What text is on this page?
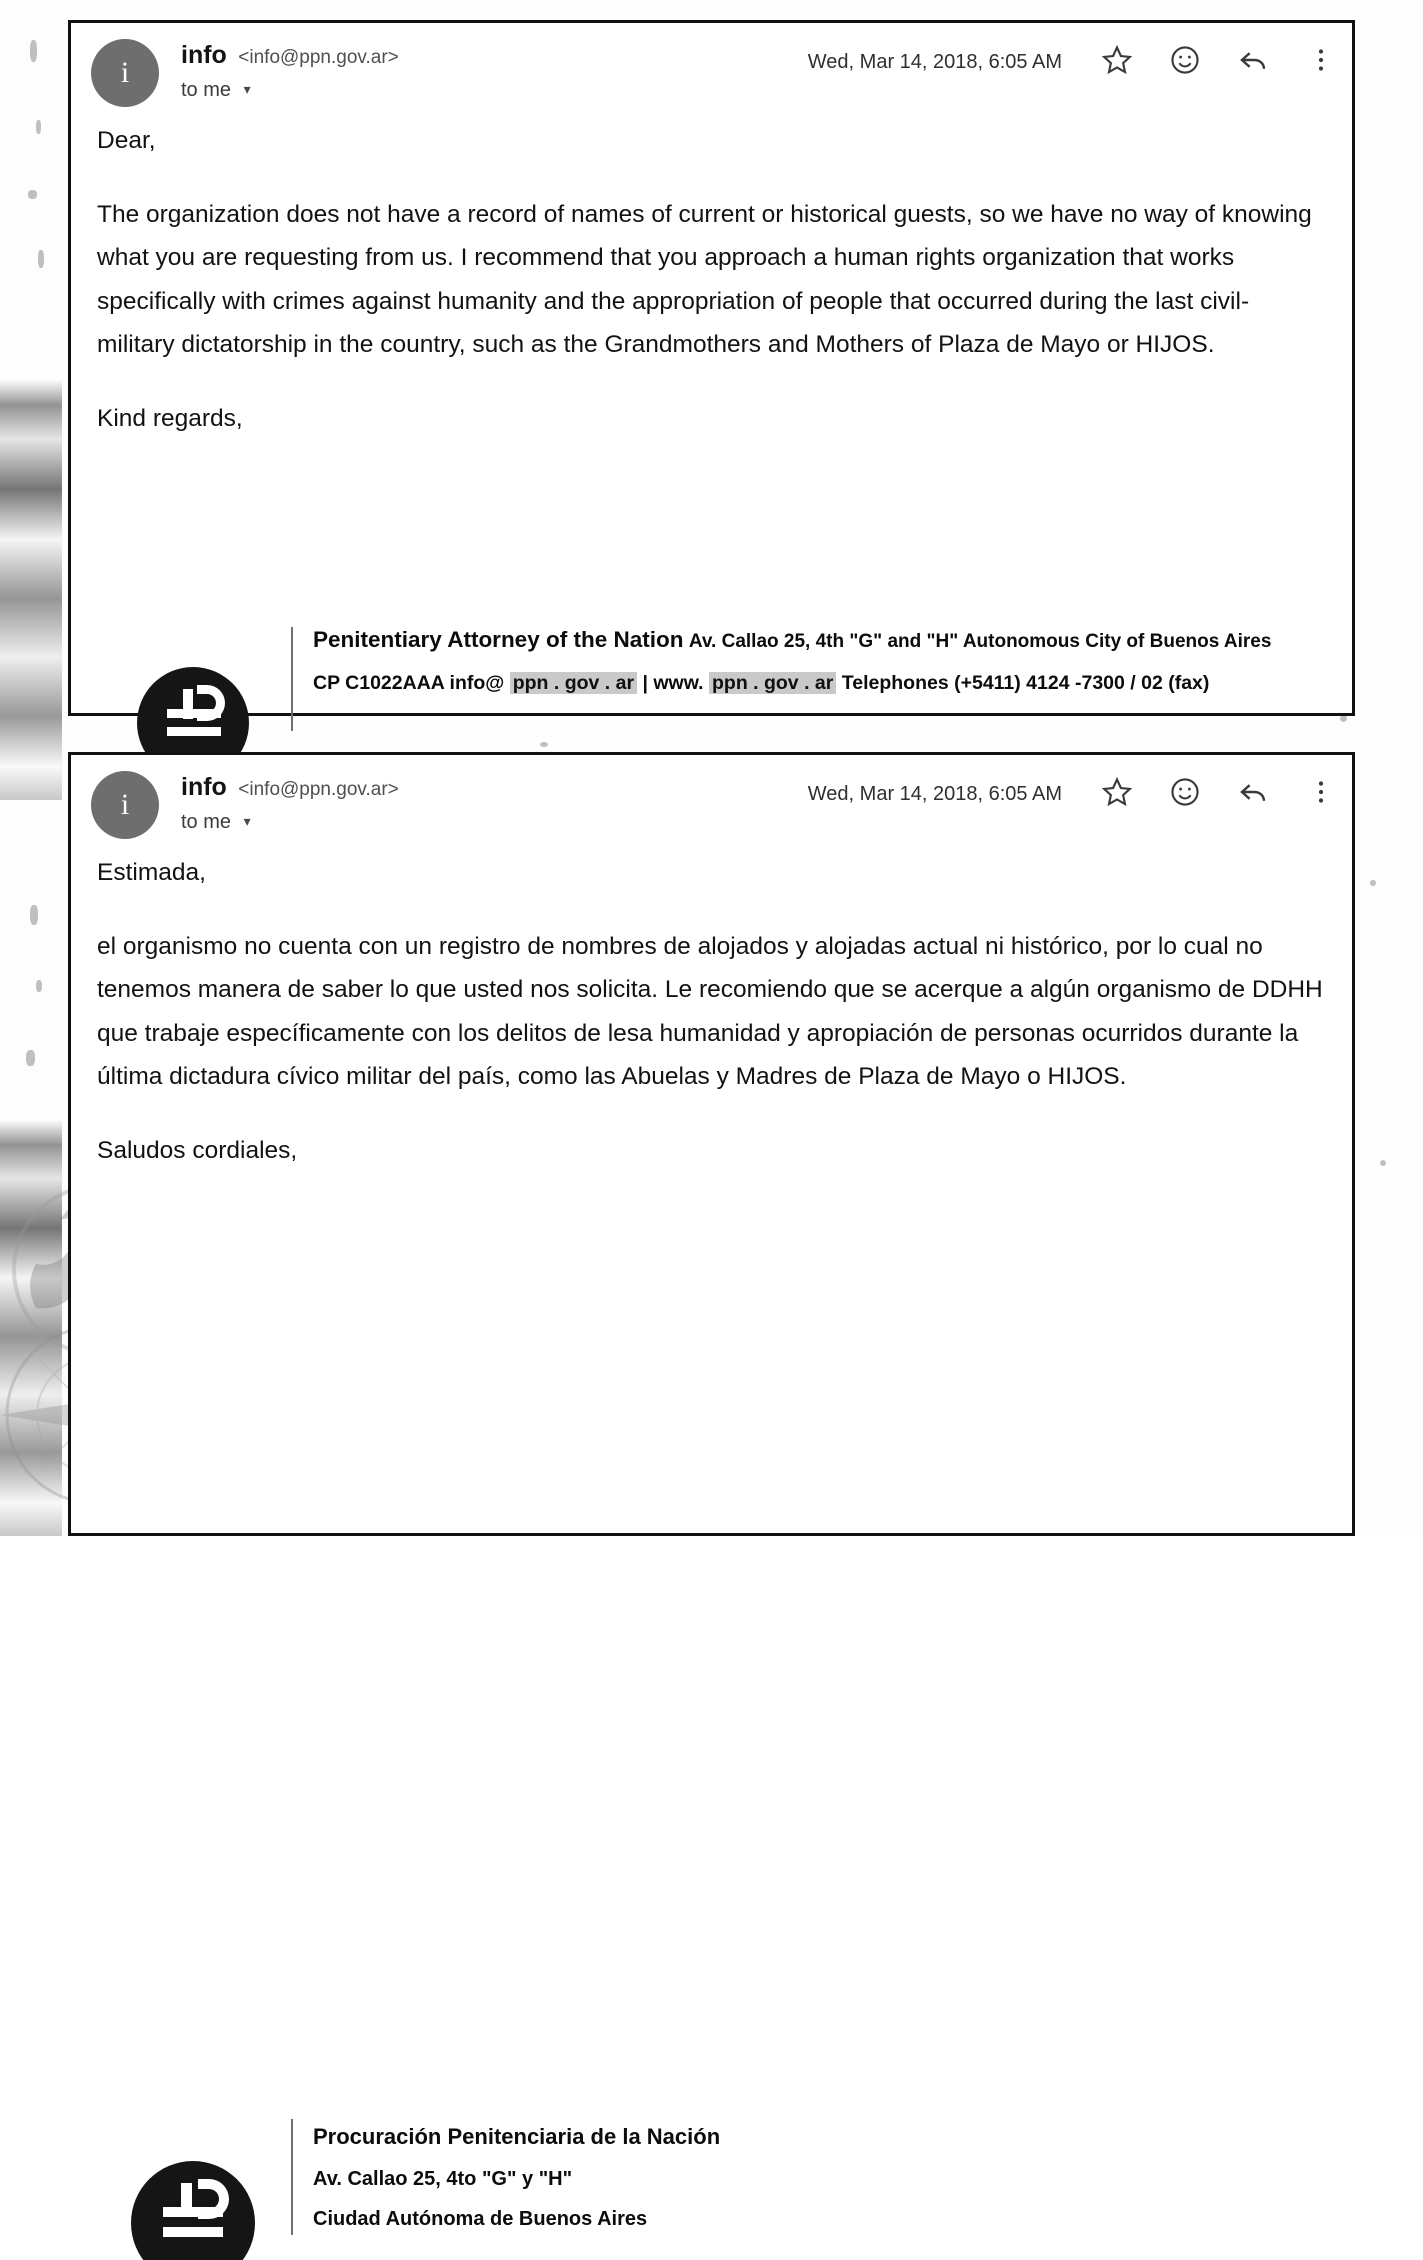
i
info <info@ppn.gov.ar>
to me ▾
Wed, Mar 14, 2018, 6:05 AM

Dear,

The organization does not have a record of names of current or historical guests, so we have no way of knowing what you are requesting from us. I recommend that you approach a human rights organization that works specifically with crimes against humanity and the appropriation of people that occurred during the last civil-military dictatorship in the country, such as the Grandmothers and Mothers of Plaza de Mayo or HIJOS.

Kind regards,

Penitentiary Attorney of the Nation Av. Callao 25, 4th "G" and "H" Autonomous City of Buenos Aires
CP C1022AAA info@ ppn . gov . ar | www. ppn . gov . ar Telephones (+5411) 4124 -7300 / 02 (fax)
i
info <info@ppn.gov.ar>
to me ▾
Wed, Mar 14, 2018, 6:05 AM

Estimada,

el organismo no cuenta con un registro de nombres de alojados y alojadas actual ni histórico, por lo cual no tenemos manera de saber lo que usted nos solicita. Le recomiendo que se acerque a algún organismo de DDHH que trabaje específicamente con los delitos de lesa humanidad y apropiación de personas ocurridos durante la última dictadura cívico militar del país, como las Abuelas y Madres de Plaza de Mayo o HIJOS.

Saludos cordiales,

Procuración Penitenciaria de la Nación
Av. Callao 25, 4to "G" y "H"
Ciudad Autónoma de Buenos Aires
